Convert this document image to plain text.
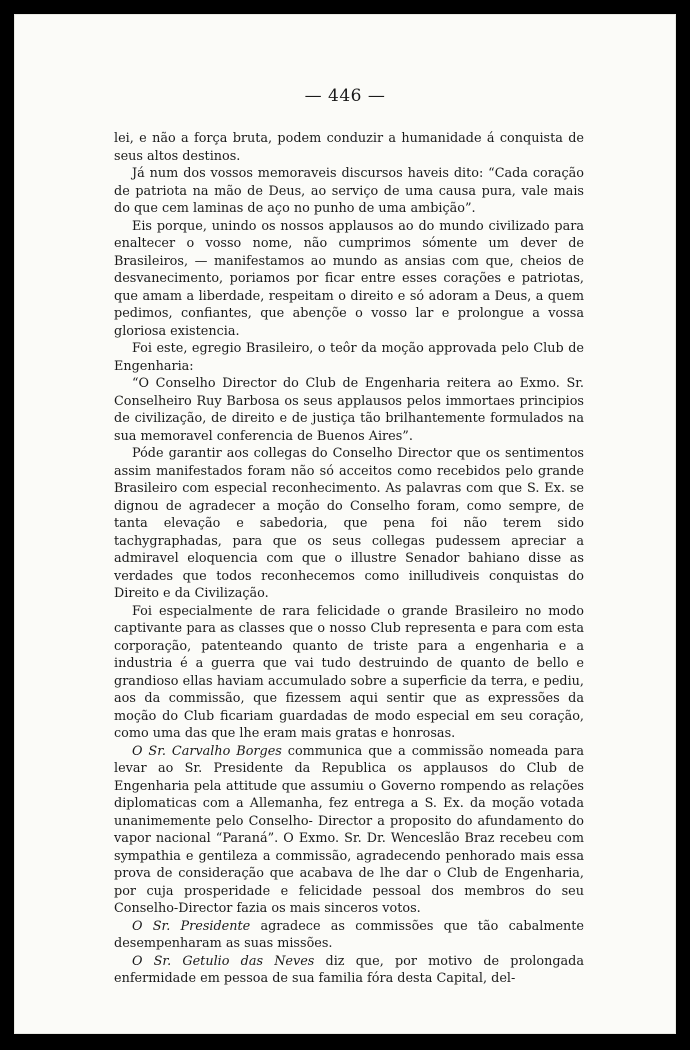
— 446 —

lei, e não a força bruta, podem conduzir a humanidade á conquista de seus altos destinos.

Já num dos vossos memoraveis discursos haveis dito: “Cada coração de patriota na mão de Deus, ao serviço de uma causa pura, vale mais do que cem laminas de aço no punho de uma ambição”.

Eis porque, unindo os nossos applausos ao do mundo civilizado para enaltecer o vosso nome, não cumprimos sómente um dever de Brasileiros, — manifestamos ao mundo as ansias com que, cheios de desvanecimento, poriamos por ficar entre esses corações e patriotas, que amam a liberdade, respeitam o direito e só adoram a Deus, a quem pedimos, confiantes, que abençõe o vosso lar e prolongue a vossa gloriosa existencia.

Foi este, egregio Brasileiro, o teôr da moção approvada pelo Club de Engenharia:

“O Conselho Director do Club de Engenharia reitera ao Exmo. Sr. Conselheiro Ruy Barbosa os seus applausos pelos immortaes principios de civilização, de direito e de justiça tão brilhantemente formulados na sua memoravel conferencia de Buenos Aires”.

Póde garantir aos collegas do Conselho Director que os sentimentos assim manifestados foram não só acceitos como recebidos pelo grande Brasileiro com especial reconhecimento. As palavras com que S. Ex. se dignou de agradecer a moção do Conselho foram, como sempre, de tanta elevação e sabedoria, que pena foi não terem sido tachygraphadas, para que os seus collegas pudessem apreciar a admiravel eloquencia com que o illustre Senador bahiano disse as verdades que todos reconhecemos como inilludiveis conquistas do Direito e da Civilização.

Foi especialmente de rara felicidade o grande Brasileiro no modo captivante para as classes que o nosso Club representa e para com esta corporação, patenteando quanto de triste para a engenharia e a industria é a guerra que vai tudo destruindo de quanto de bello e grandioso ellas haviam accumulado sobre a superficie da terra, e pediu, aos da commissão, que fizessem aqui sentir que as expressões da moção do Club ficariam guardadas de modo especial em seu coração, como uma das que lhe eram mais gratas e honrosas.

O Sr. Carvalho Borges communica que a commissão nomeada para levar ao Sr. Presidente da Republica os applausos do Club de Engenharia pela attitude que assumiu o Governo rompendo as relações diplomaticas com a Allemanha, fez entrega a S. Ex. da moção votada unanimemente pelo Conselho- Director a proposito do afundamento do vapor nacional “Paraná”. O Exmo. Sr. Dr. Wenceslão Braz recebeu com sympathia e gentileza a commissão, agradecendo penhorado mais essa prova de consideração que acabava de lhe dar o Club de Engenharia, por cuja prosperidade e felicidade pessoal dos membros do seu Conselho-Director fazia os mais sinceros votos.

O Sr. Presidente agradece as commissões que tão cabalmente desempenharam as suas missões.

O Sr. Getulio das Neves diz que, por motivo de prolongada enfermidade em pessoa de sua familia fóra desta Capital, del-
